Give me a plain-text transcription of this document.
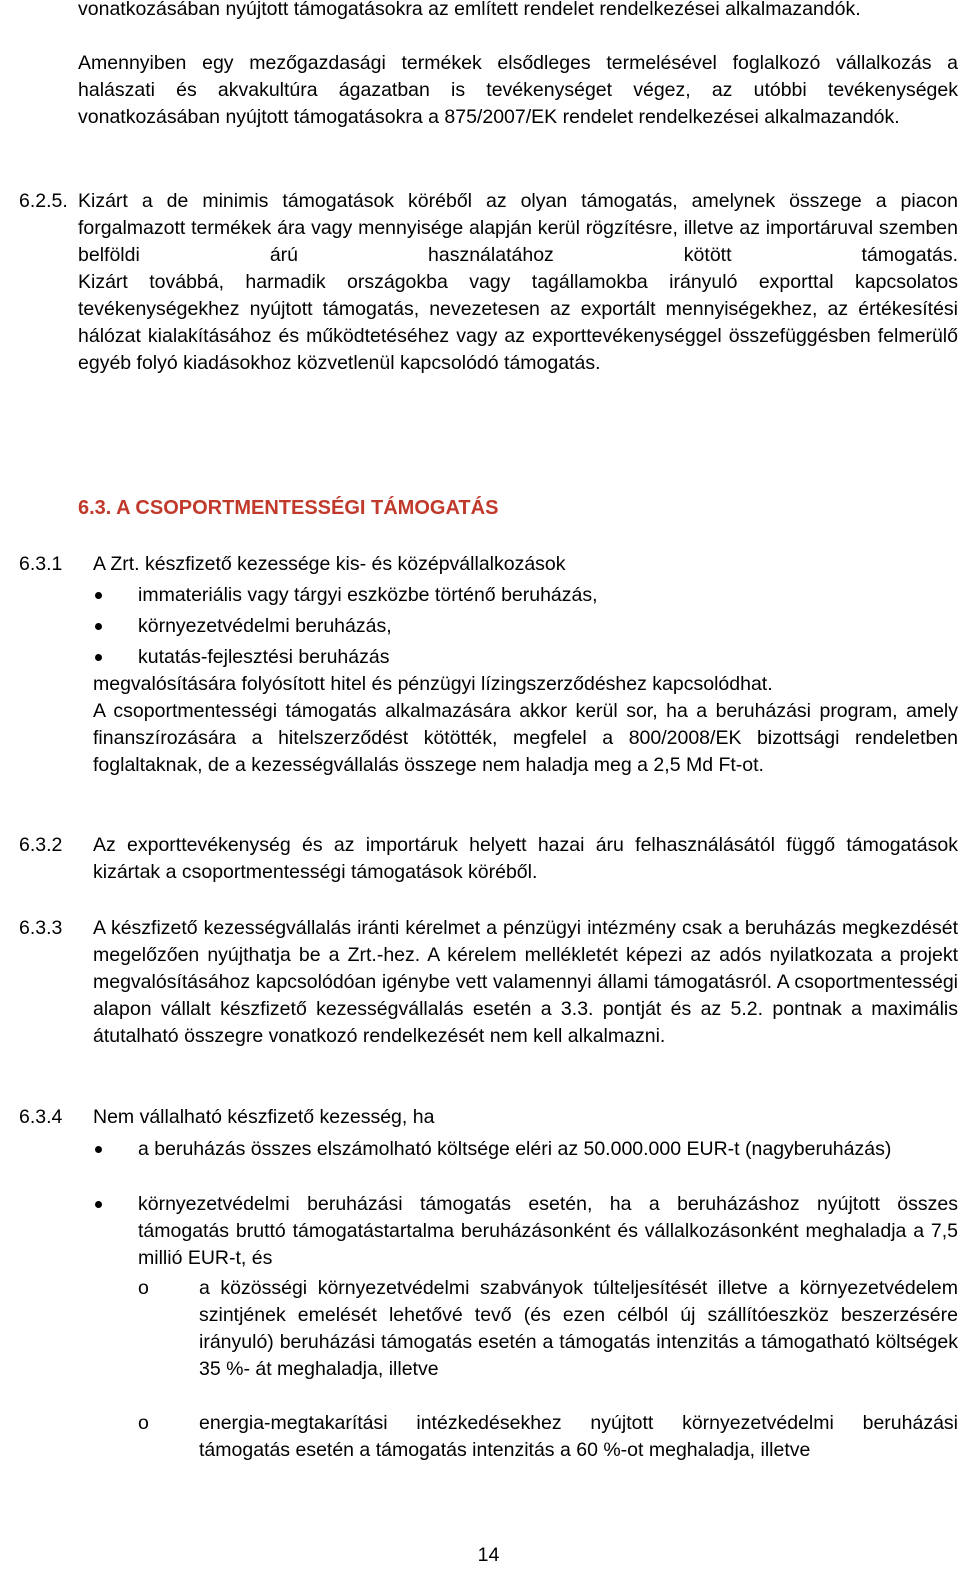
vonatkozásában nyújtott támogatásokra az említett rendelet rendelkezései alkalmazandók.
Amennyiben egy mezőgazdasági termékek elsődleges termelésével foglalkozó vállalkozás a halászati és akvakultúra ágazatban is tevékenységet végez, az utóbbi tevékenységek vonatkozásában nyújtott támogatásokra a 875/2007/EK rendelet rendelkezései alkalmazandók.
6.2.5. Kizárt a de minimis támogatások köréből az olyan támogatás, amelynek összege a piacon forgalmazott termékek ára vagy mennyisége alapján kerül rögzítésre, illetve az importáruval szemben belföldi árú használatához kötött támogatás.
Kizárt továbbá, harmadik országokba vagy tagállamokba irányuló exporttal kapcsolatos tevékenységekhez nyújtott támogatás, nevezetesen az exportált mennyiségekhez, az értékesítési hálózat kialakításához és működtetéséhez vagy az exporttevékenységgel összefüggésben felmerülő egyéb folyó kiadásokhoz közvetlenül kapcsolódó támogatás.
6.3. A CSOPORTMENTESSÉGI TÁMOGATÁS
6.3.1 A Zrt. készfizető kezessége kis- és középvállalkozások
immateriális vagy tárgyi eszközbe történő beruházás,
környezetvédelmi beruházás,
kutatás-fejlesztési beruházás
megvalósítására folyósított hitel és pénzügyi lízingszerződéshez kapcsolódhat.
A csoportmentességi támogatás alkalmazására akkor kerül sor, ha a beruházási program, amely finanszírozására a hitelszerződést kötötték, megfelel a 800/2008/EK bizottsági rendeletben foglaltaknak, de a kezességvállalás összege nem haladja meg a 2,5 Md Ft-ot.
6.3.2 Az exporttevékenység és az importáruk helyett hazai áru felhasználásától függő támogatások kizártak a csoportmentességi támogatások köréből.
6.3.3 A készfizető kezességvállalás iránti kérelmet a pénzügyi intézmény csak a beruházás megkezdését megelőzően nyújthatja be a Zrt.-hez. A kérelem mellékletét képezi az adós nyilatkozata a projekt megvalósításához kapcsolódóan igénybe vett valamennyi állami támogatásról. A csoportmentességi alapon vállalt készfizető kezességvállalás esetén a 3.3. pontját és az 5.2. pontnak a maximális átutalható összegre vonatkozó rendelkezését nem kell alkalmazni.
6.3.4 Nem vállalható készfizető kezesség, ha
a beruházás összes elszámolható költsége eléri az 50.000.000 EUR-t (nagyberuházás)
környezetvédelmi beruházási támogatás esetén, ha a beruházáshoz nyújtott összes támogatás bruttó támogatástartalma beruházásonként és vállalkozásonként meghaladja a 7,5 millió EUR-t, és
o	a közösségi környezetvédelmi szabványok túlteljesítését illetve a környezetvédelem szintjének emelését lehetővé tevő (és ezen célból új szállítóeszköz beszerzésére irányuló) beruházási támogatás esetén a támogatás intenzitás a támogatható költségek 35 %- át meghaladja, illetve
o	energia-megtakarítási intézkedésekhez nyújtott környezetvédelmi beruházási támogatás esetén a támogatás intenzitás a 60 %-ot meghaladja, illetve
14
